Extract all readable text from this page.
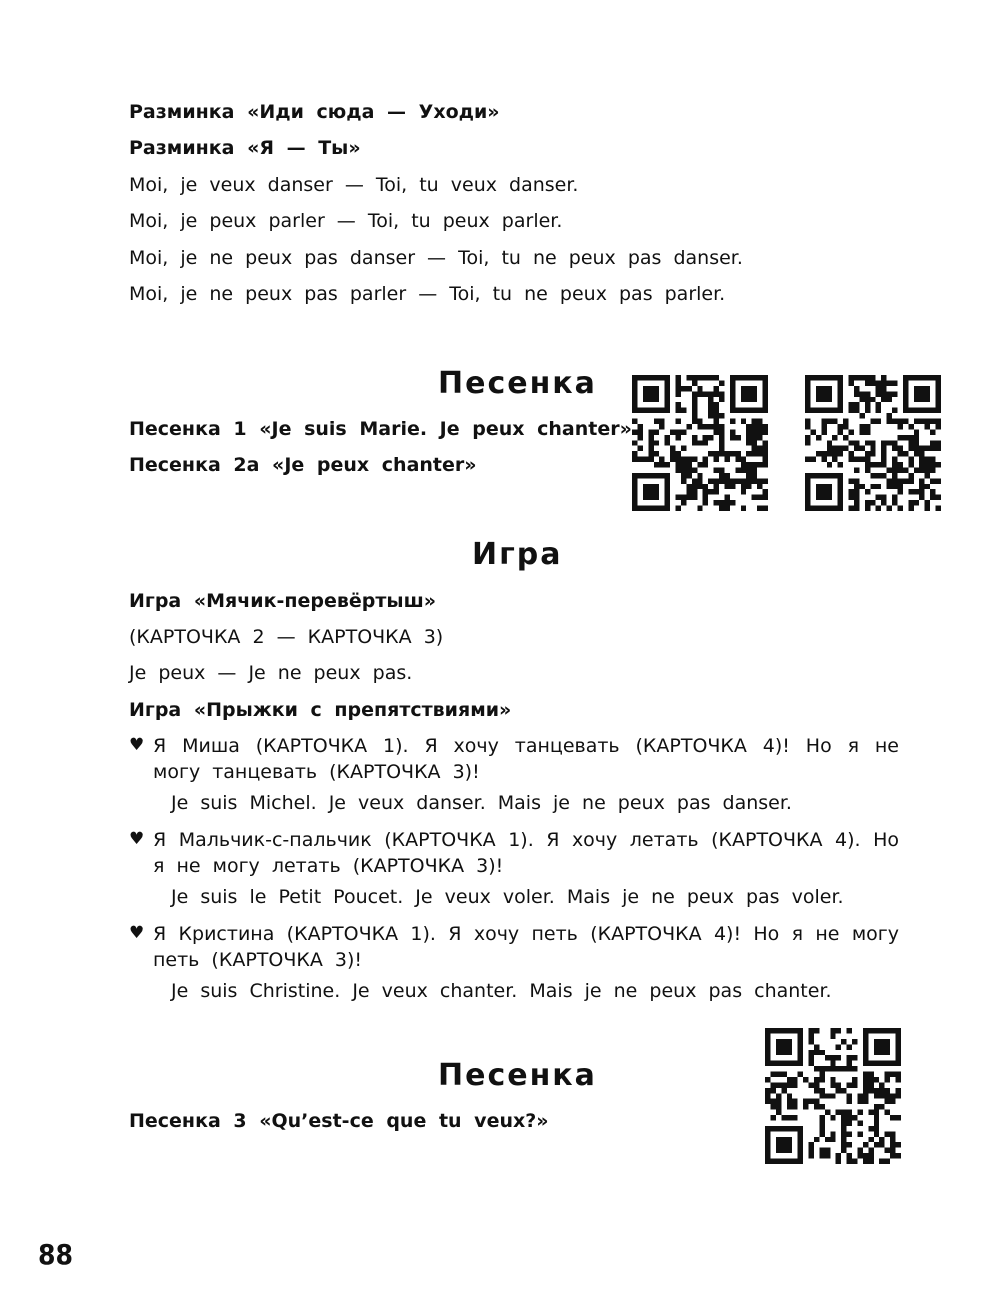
Разминка «Иди сюда — Уходи»
Разминка «Я — Ты»
Moi, je veux danser — Toi, tu veux danser.
Moi, je peux parler — Toi, tu peux parler.
Moi, je ne peux pas danser — Toi, tu ne peux pas danser.
Moi, je ne peux pas parler — Toi, tu ne peux pas parler.
Песенка
Песенка 1 «Je suis Marie. Je peux chanter»
Песенка 2а «Je peux chanter»
Игра
Игра «Мячик-перевёртыш»
(КАРТОЧКА 2 — КАРТОЧКА 3)
Je peux — Je ne peux pas.
Игра «Прыжки с препятствиями»
♥ Я Миша (КАРТОЧКА 1). Я хочу танцевать (КАРТОЧКА 4)! Но я не могу танцевать (КАРТОЧКА 3)!
Je suis Michel. Je veux danser. Mais je ne peux pas danser.
♥ Я Мальчик-с-пальчик (КАРТОЧКА 1). Я хочу летать (КАРТОЧКА 4). Но я не могу летать (КАРТОЧКА 3)!
Je suis le Petit Poucet. Je veux voler. Mais je ne peux pas voler.
♥ Я Кристина (КАРТОЧКА 1). Я хочу петь (КАРТОЧКА 4)! Но я не могу петь (КАРТОЧКА 3)!
Je suis Christine. Je veux chanter. Mais je ne peux pas chanter.
Песенка
Песенка 3 «Qu’est-ce que tu veux?»
88
